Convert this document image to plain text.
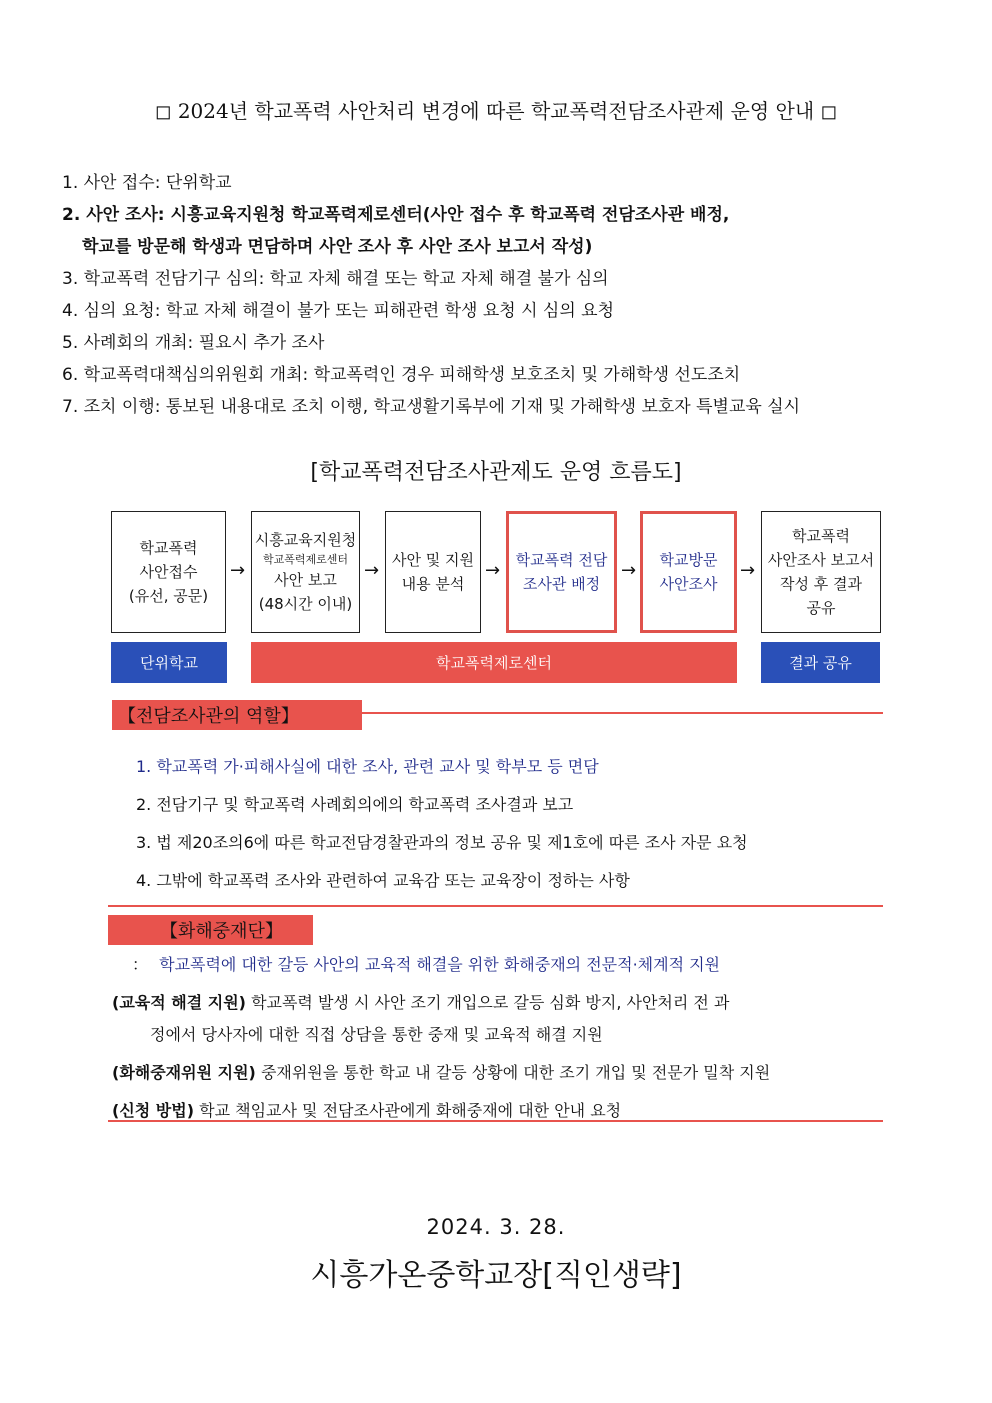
◻ 2024년 학교폭력 사안처리 변경에 따른 학교폭력전담조사관제 운영 안내 ◻
1. 사안 접수: 단위학교
2. 사안 조사: 시흥교육지원청 학교폭력제로센터(사안 접수 후 학교폭력 전담조사관 배정,
학교를 방문해 학생과 면담하며 사안 조사 후 사안 조사 보고서 작성)
3. 학교폭력 전담기구 심의: 학교 자체 해결 또는 학교 자체 해결 불가 심의
4. 심의 요청: 학교 자체 해결이 불가 또는 피해관련 학생 요청 시 심의 요청
5. 사례회의 개최: 필요시 추가 조사
6. 학교폭력대책심의위원회 개최: 학교폭력인 경우 피해학생 보호조치 및 가해학생 선도조치
7. 조치 이행: 통보된 내용대로 조치 이행, 학교생활기록부에 기재 및 가해학생 보호자 특별교육 실시
[학교폭력전담조사관제도 운영 흐름도]
학교폭력
사안접수
(유선, 공문)
→
시흥교육지원청
학교폭력제로센터
사안 보고
(48시간 이내)
→ 사안 및 지원
내용 분석
→ 학교폭력 전담
조사관 배정
→ 학교방문
사안조사
→
학교폭력
사안조사 보고서
작성 후 결과
공유
단위학교	학교폭력제로센터	결과 공유
【전담조사관의 역할】
1. 학교폭력 가·피해사실에 대한 조사, 관련 교사 및 학부모 등 면담
2. 전담기구 및 학교폭력 사례회의에의 학교폭력 조사결과 보고
3. 법 제20조의6에 따른 학교전담경찰관과의 정보 공유 및 제1호에 따른 조사 자문 요청
4. 그밖에 학교폭력 조사와 관련하여 교육감 또는 교육장이 정하는 사항
【화해중재단】
： 학교폭력에 대한 갈등 사안의 교육적 해결을 위한 화해중재의 전문적·체계적 지원
(교육적 해결 지원) 학교폭력 발생 시 사안 조기 개입으로 갈등 심화 방지, 사안처리 전 과
정에서 당사자에 대한 직접 상담을 통한 중재 및 교육적 해결 지원
(화해중재위원 지원) 중재위원을 통한 학교 내 갈등 상황에 대한 조기 개입 및 전문가 밀착 지원
(신청 방법) 학교 책임교사 및 전담조사관에게 화해중재에 대한 안내 요청
2024. 3. 28.
시흥가온중학교장[직인생략]
